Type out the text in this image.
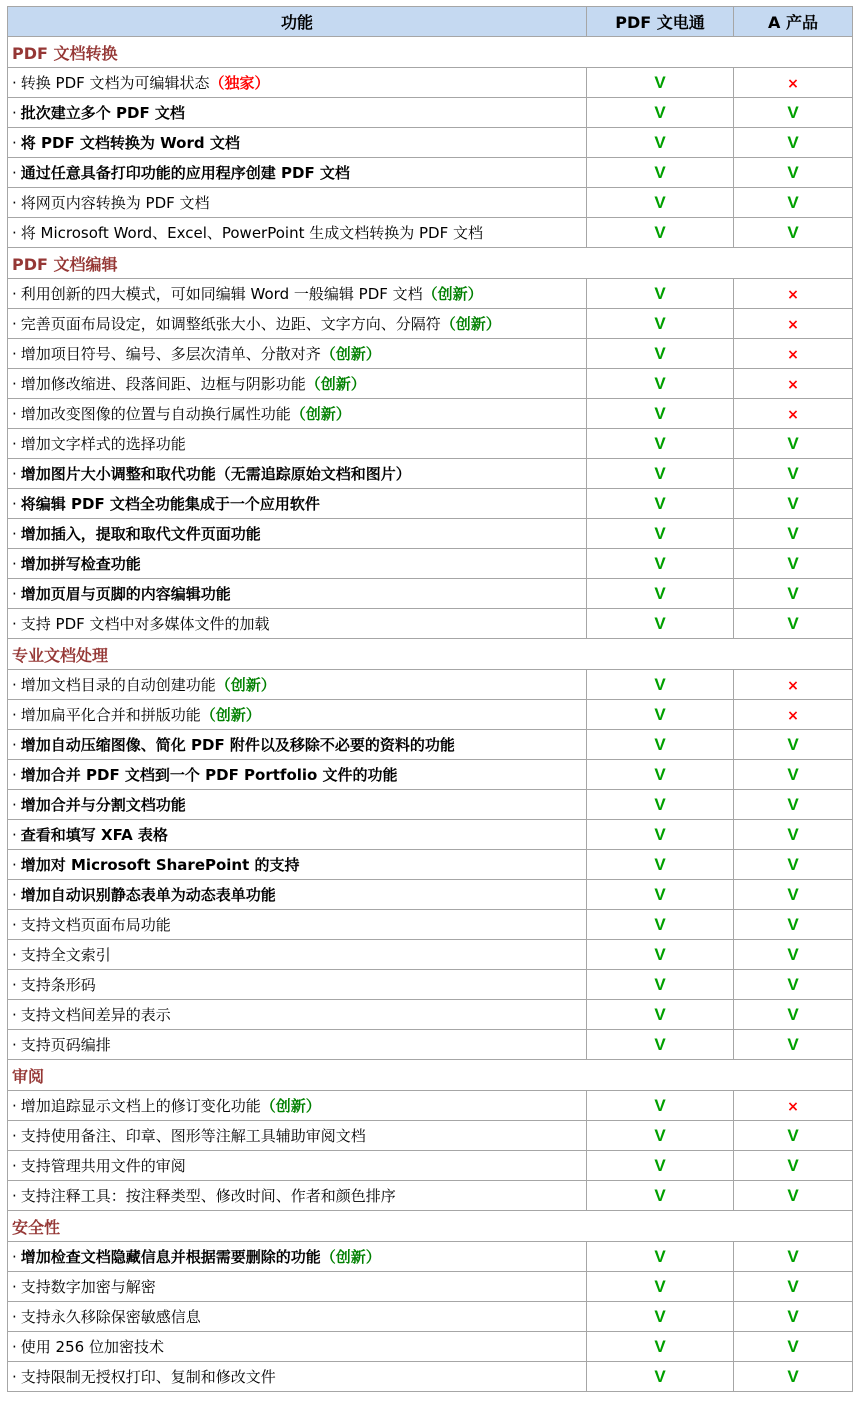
功能	PDF 文电通	A 产品
PDF 文档转换		
· 转换 PDF 文档为可编辑状态（独家）	V	×
· 批次建立多个 PDF 文档	V	V
· 将 PDF 文档转换为 Word 文档	V	V
· 通过任意具备打印功能的应用程序创建 PDF 文档	V	V
· 将网页内容转换为 PDF 文档	V	V
· 将 Microsoft Word、Excel、PowerPoint 生成文档转换为 PDF 文档	V	V
PDF 文档编辑		
· 利用创新的四大模式，可如同编辑 Word 一般编辑 PDF 文档（创新）	V	×
· 完善页面布局设定，如调整纸张大小、边距、文字方向、分隔符（创新）	V	×
· 增加项目符号、编号、多层次清单、分散对齐（创新）	V	×
· 增加修改缩进、段落间距、边框与阴影功能（创新）	V	×
· 增加改变图像的位置与自动换行属性功能（创新）	V	×
· 增加文字样式的选择功能	V	V
· 增加图片大小调整和取代功能（无需追踪原始文档和图片）	V	V
· 将编辑 PDF 文档全功能集成于一个应用软件	V	V
· 增加插入，提取和取代文件页面功能	V	V
· 增加拼写检查功能	V	V
· 增加页眉与页脚的内容编辑功能	V	V
· 支持 PDF 文档中对多媒体文件的加载	V	V
专业文档处理		
· 增加文档目录的自动创建功能（创新）	V	×
· 增加扁平化合并和拼版功能（创新）	V	×
· 增加自动压缩图像、简化 PDF 附件以及移除不必要的资料的功能	V	V
· 增加合并 PDF 文档到一个 PDF Portfolio 文件的功能	V	V
· 增加合并与分割文档功能	V	V
· 查看和填写 XFA 表格	V	V
· 增加对 Microsoft SharePoint 的支持	V	V
· 增加自动识别静态表单为动态表单功能	V	V
· 支持文档页面布局功能	V	V
· 支持全文索引	V	V
· 支持条形码	V	V
· 支持文档间差异的表示	V	V
· 支持页码编排	V	V
审阅		
· 增加追踪显示文档上的修订变化功能（创新）	V	×
· 支持使用备注、印章、图形等注解工具辅助审阅文档	V	V
· 支持管理共用文件的审阅	V	V
· 支持注释工具：按注释类型、修改时间、作者和颜色排序	V	V
安全性		
· 增加检查文档隐藏信息并根据需要删除的功能（创新）	V	V
· 支持数字加密与解密	V	V
· 支持永久移除保密敏感信息	V	V
· 使用 256 位加密技术	V	V
· 支持限制无授权打印、复制和修改文件	V	V
